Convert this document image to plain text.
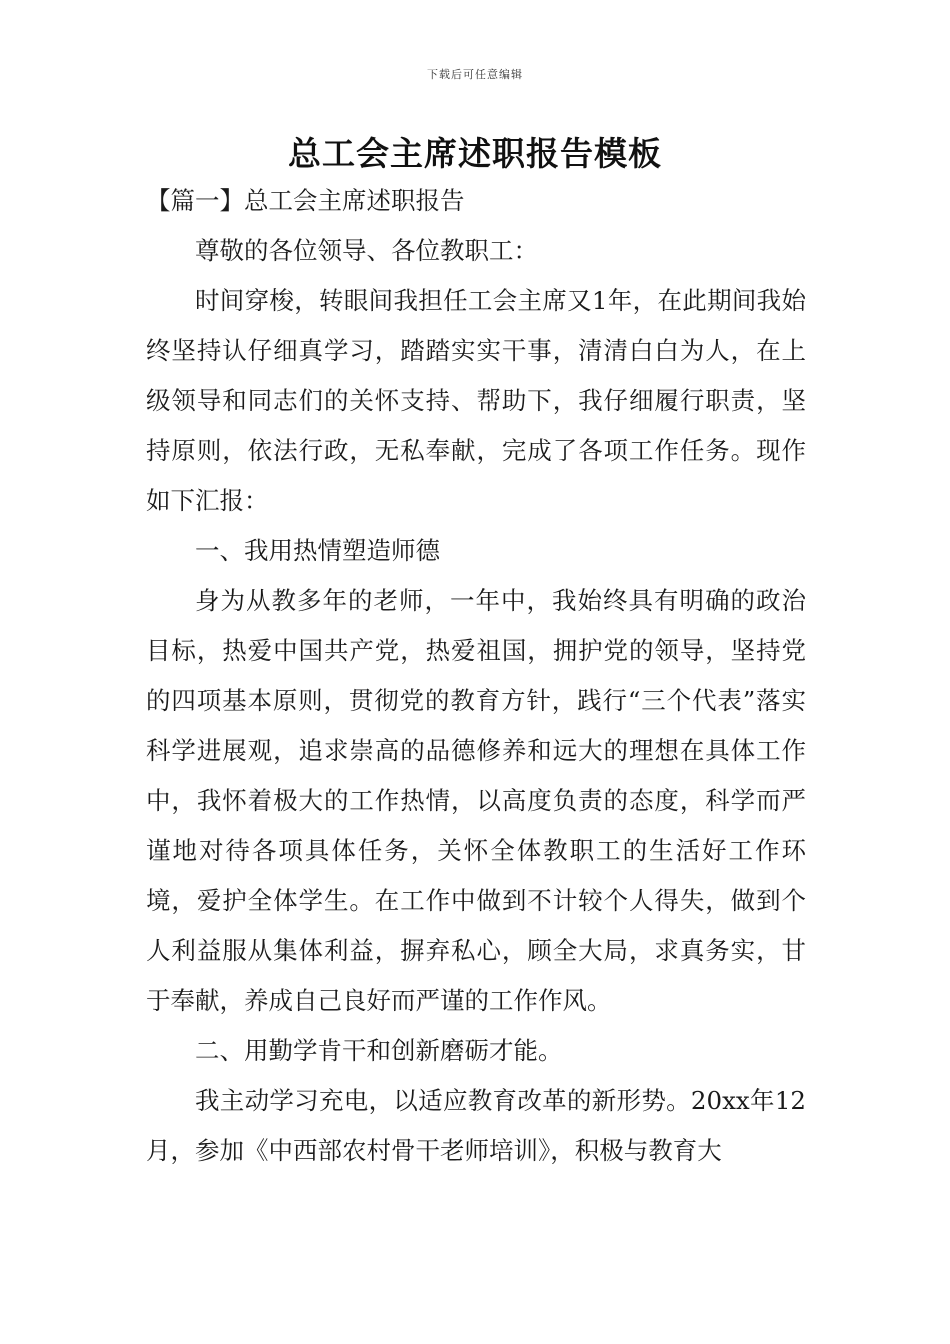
下载后可任意编辑
总工会主席述职报告模板

【篇一】总工会主席述职报告

尊敬的各位领导、各位教职工：

时间穿梭，转眼间我担任工会主席又1年，在此期间我始终坚持认仔细真学习，踏踏实实干事，清清白白为人，在上级领导和同志们的关怀支持、帮助下，我仔细履行职责，坚持原则，依法行政，无私奉献，完成了各项工作任务。现作如下汇报：

一、我用热情塑造师德

身为从教多年的老师，一年中，我始终具有明确的政治目标，热爱中国共产党，热爱祖国，拥护党的领导，坚持党的四项基本原则，贯彻党的教育方针，践行“三个代表”落实科学进展观，追求崇高的品德修养和远大的理想在具体工作中，我怀着极大的工作热情，以高度负责的态度，科学而严谨地对待各项具体任务，关怀全体教职工的生活好工作环境，爱护全体学生。在工作中做到不计较个人得失，做到个人利益服从集体利益，摒弃私心，顾全大局，求真务实，甘于奉献，养成自己良好而严谨的工作作风。

二、用勤学肯干和创新磨砺才能。

我主动学习充电，以适应教育改革的新形势。20xx年12月，参加《中西部农村骨干老师培训》，积极与教育大
